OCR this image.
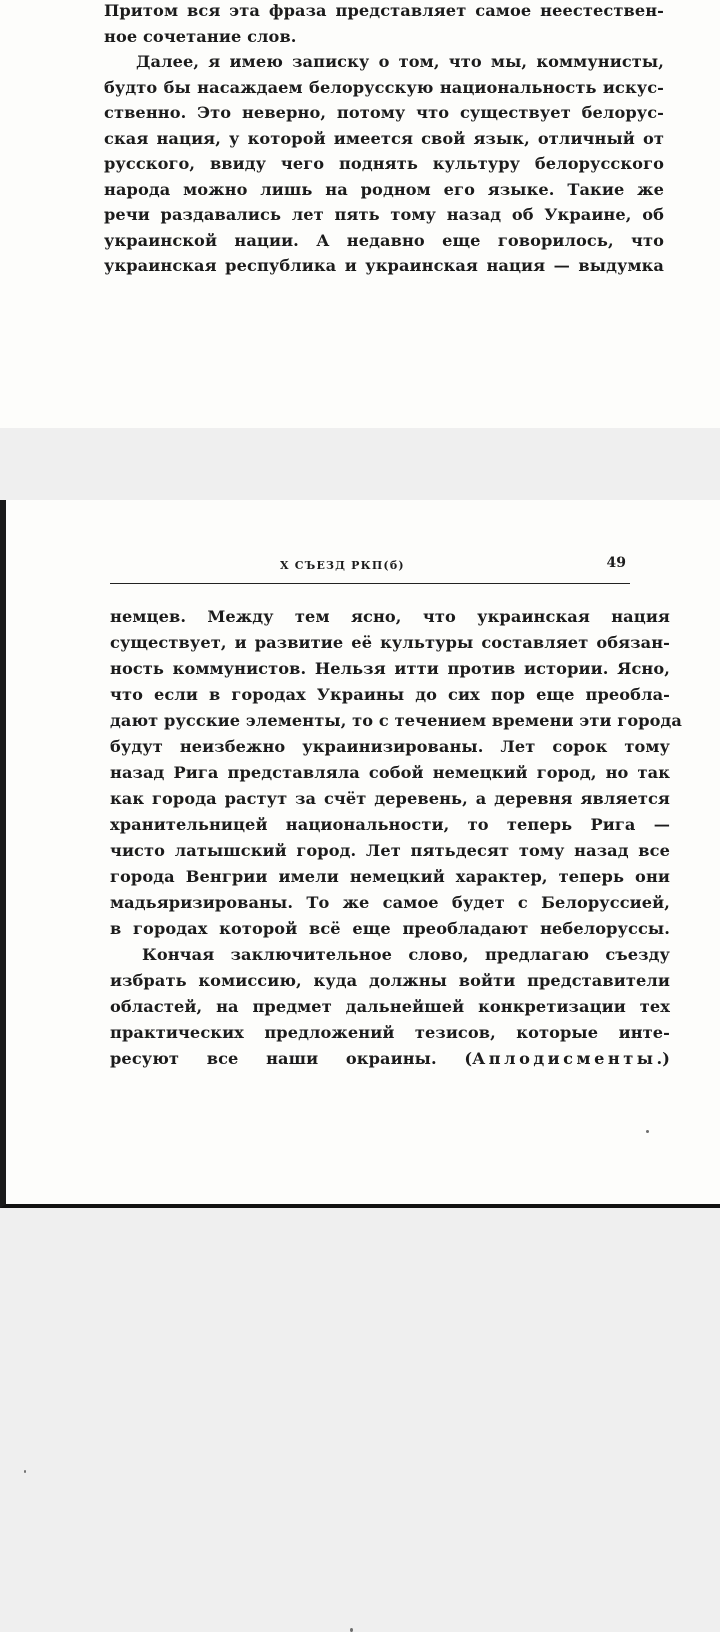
Притом вся эта фраза представляет самое неестествен-
ное сочетание слов.
Далее, я имею записку о том, что мы, коммунисты,
будто бы насаждаем белорусскую национальность искус-
ственно. Это неверно, потому что существует белорус-
ская нация, у которой имеется свой язык, отличный от
русского, ввиду чего поднять культуру белорусского
народа можно лишь на родном его языке. Такие же
речи раздавались лет пять тому назад об Украине, об
украинской нации. А недавно еще говорилось, что
украинская республика и украинская нация — выдумка
Х СЪЕЗД РКП(б)	49
немцев. Между тем ясно, что украинская нация
существует, и развитие её культуры составляет обязан-
ность коммунистов. Нельзя итти против истории. Ясно,
что если в городах Украины до сих пор еще преобла-
дают русские элементы, то с течением времени эти города
будут неизбежно украинизированы. Лет сорок тому
назад Рига представляла собой немецкий город, но так
как города растут за счёт деревень, а деревня является
хранительницей национальности, то теперь Рига —
чисто латышский город. Лет пятьдесят тому назад все
города Венгрии имели немецкий характер, теперь они
мадьяризированы. То же самое будет с Белоруссией,
в городах которой всё еще преобладают небелоруссы.
Кончая заключительное слово, предлагаю съезду
избрать комиссию, куда должны войти представители
областей, на предмет дальнейшей конкретизации тех
практических предложений тезисов, которые инте-
ресуют все наши окраины. (Аплодисменты.)
